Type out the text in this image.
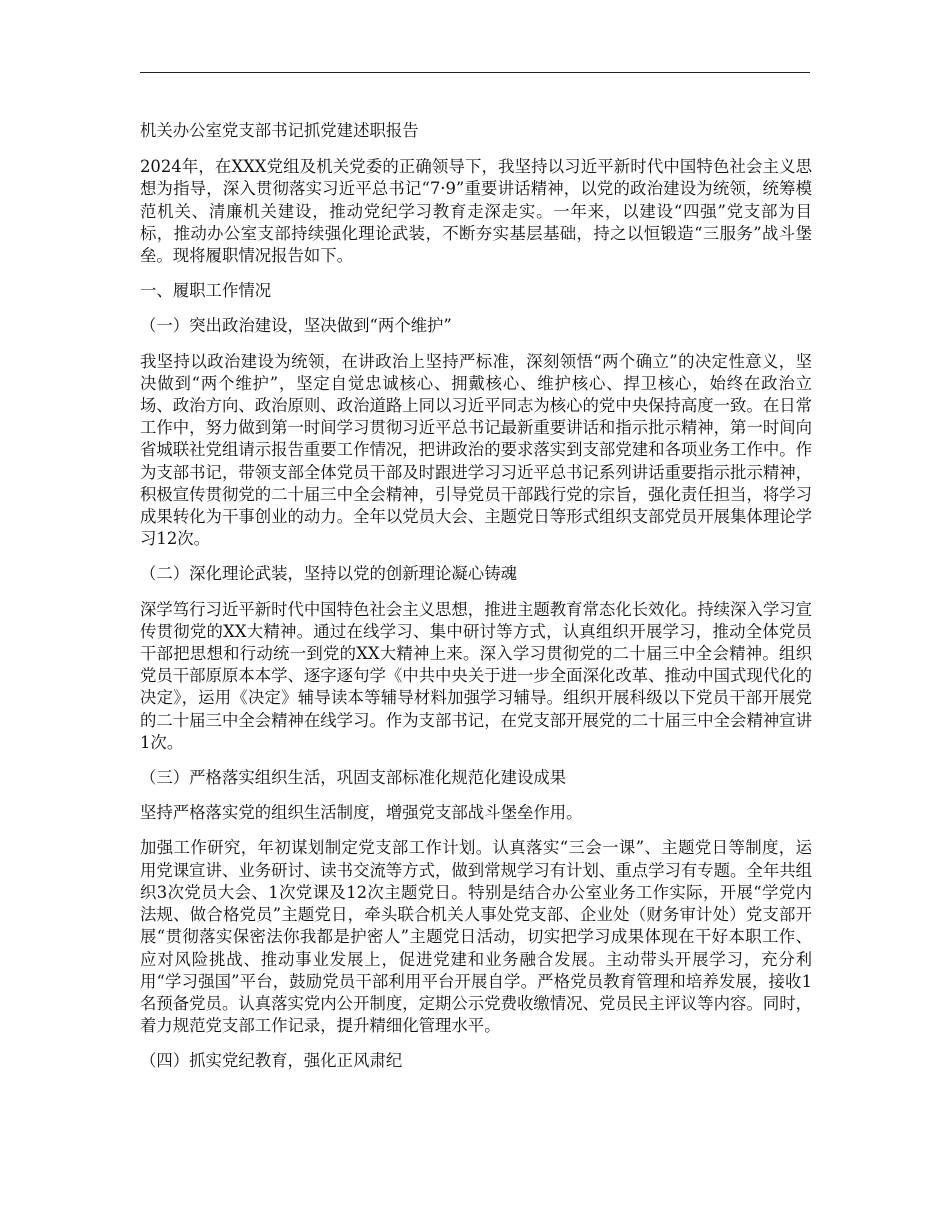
机关办公室党支部书记抓党建述职报告

2024年，在XXX党组及机关党委的正确领导下，我坚持以习近平新时代中国特色社会主义思想为指导，深入贯彻落实习近平总书记“7·9”重要讲话精神，以党的政治建设为统领，统筹模范机关、清廉机关建设，推动党纪学习教育走深走实。一年来，以建设“四强”党支部为目标，推动办公室支部持续强化理论武装，不断夯实基层基础，持之以恒锻造“三服务”战斗堡垒。现将履职情况报告如下。

一、履职工作情况

（一）突出政治建设，坚决做到“两个维护”

我坚持以政治建设为统领，在讲政治上坚持严标准，深刻领悟“两个确立”的决定性意义，坚决做到“两个维护”，坚定自觉忠诚核心、拥戴核心、维护核心、捍卫核心，始终在政治立场、政治方向、政治原则、政治道路上同以习近平同志为核心的党中央保持高度一致。在日常工作中，努力做到第一时间学习贯彻习近平总书记最新重要讲话和指示批示精神，第一时间向省城联社党组请示报告重要工作情况，把讲政治的要求落实到支部党建和各项业务工作中。作为支部书记，带领支部全体党员干部及时跟进学习习近平总书记系列讲话重要指示批示精神，积极宣传贯彻党的二十届三中全会精神，引导党员干部践行党的宗旨，强化责任担当，将学习成果转化为干事创业的动力。全年以党员大会、主题党日等形式组织支部党员开展集体理论学习12次。

（二）深化理论武装，坚持以党的创新理论凝心铸魂

深学笃行习近平新时代中国特色社会主义思想，推进主题教育常态化长效化。持续深入学习宣传贯彻党的XX大精神。通过在线学习、集中研讨等方式，认真组织开展学习，推动全体党员干部把思想和行动统一到党的XX大精神上来。深入学习贯彻党的二十届三中全会精神。组织党员干部原原本本学、逐字逐句学《中共中央关于进一步全面深化改革、推动中国式现代化的决定》，运用《决定》辅导读本等辅导材料加强学习辅导。组织开展科级以下党员干部开展党的二十届三中全会精神在线学习。作为支部书记，在党支部开展党的二十届三中全会精神宣讲1次。

（三）严格落实组织生活，巩固支部标准化规范化建设成果

坚持严格落实党的组织生活制度，增强党支部战斗堡垒作用。

加强工作研究，年初谋划制定党支部工作计划。认真落实“三会一课”、主题党日等制度，运用党课宣讲、业务研讨、读书交流等方式，做到常规学习有计划、重点学习有专题。全年共组织3次党员大会、1次党课及12次主题党日。特别是结合办公室业务工作实际，开展“学党内法规、做合格党员”主题党日，牵头联合机关人事处党支部、企业处（财务审计处）党支部开展“贯彻落实保密法你我都是护密人”主题党日活动，切实把学习成果体现在干好本职工作、应对风险挑战、推动事业发展上，促进党建和业务融合发展。主动带头开展学习，充分利用“学习强国”平台，鼓励党员干部利用平台开展自学。严格党员教育管理和培养发展，接收1名预备党员。认真落实党内公开制度，定期公示党费收缴情况、党员民主评议等内容。同时，着力规范党支部工作记录，提升精细化管理水平。

（四）抓实党纪教育，强化正风肃纪
